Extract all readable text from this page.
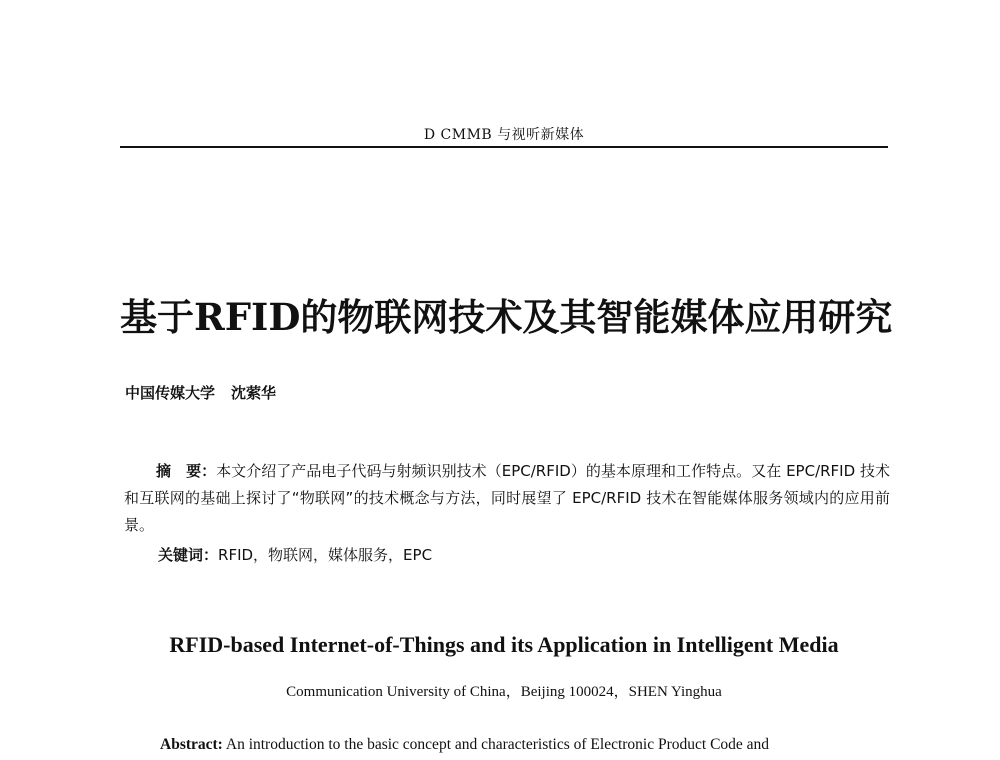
D CMMB 与视听新媒体
基于RFID的物联网技术及其智能媒体应用研究
中国传媒大学 沈萦华
摘　要：本文介绍了产品电子代码与射频识别技术（EPC/RFID）的基本原理和工作特点。又在 EPC/RFID 技术和互联网的基础上探讨了“物联网”的技术概念与方法，同时展望了 EPC/RFID 技术在智能媒体服务领域内的应用前景。
关键词：RFID，物联网，媒体服务，EPC
RFID-based Internet-of-Things and its Application in Intelligent Media
Communication University of China，Beijing 100024，SHEN Yinghua
Abstract: An introduction to the basic concept and characteristics of Electronic Product Code and
